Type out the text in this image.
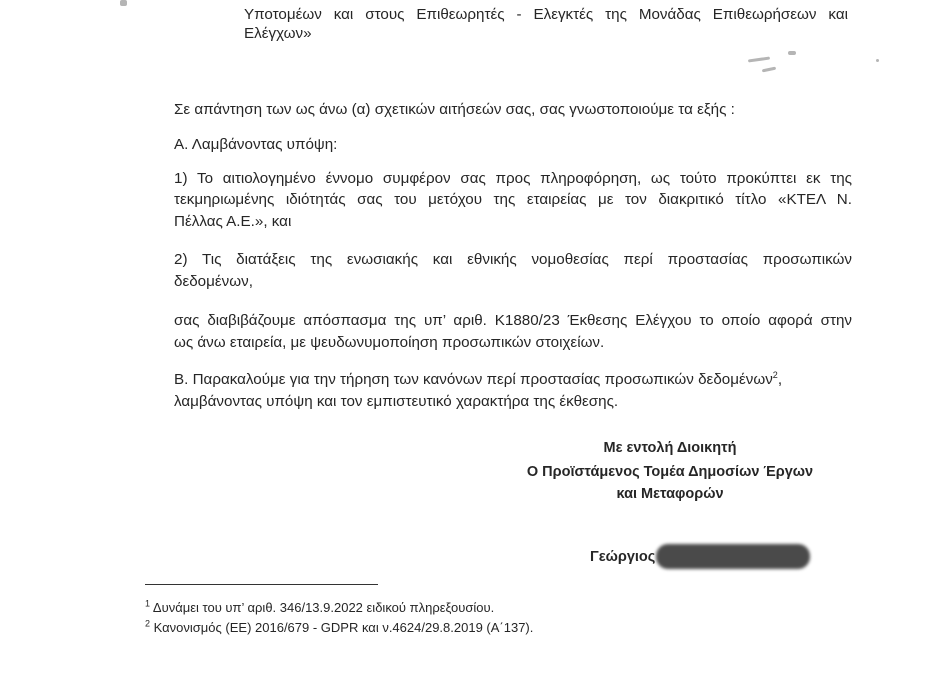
Υποτομέων και στους Επιθεωρητές - Ελεγκτές της Μονάδας Επιθεωρήσεων και
Ελέγχων»
Σε απάντηση των ως άνω (α) σχετικών αιτήσεών σας, σας γνωστοποιούμε τα εξής :
Α. Λαμβάνοντας υπόψη:
1) Το αιτιολογημένο έννομο συμφέρον σας προς πληροφόρηση, ως τούτο προκύπτει εκ της
τεκμηριωμένης ιδιότητάς σας του μετόχου της εταιρείας με τον διακριτικό τίτλο «ΚΤΕΛ Ν.
Πέλλας Α.Ε.», και
2) Τις διατάξεις της ενωσιακής και εθνικής νομοθεσίας περί προστασίας προσωπικών
δεδομένων,
σας διαβιβάζουμε απόσπασμα της υπ’ αριθ. Κ1880/23 Έκθεσης Ελέγχου το οποίο αφορά στην
ως άνω εταιρεία, με ψευδωνυμοποίηση προσωπικών στοιχείων.
Β. Παρακαλούμε για την τήρηση των κανόνων περί προστασίας προσωπικών δεδομένων$^2$,
λαμβάνοντας υπόψη και τον εμπιστευτικό χαρακτήρα της έκθεσης.
Με εντολή Διοικητή
Ο Προϊστάμενος Τομέα Δημοσίων Έργων
και Μεταφορών
Γεώργιος
$^1$ Δυνάμει του υπ’ αριθ. 346/13.9.2022 ειδικού πληρεξουσίου.
$^2$ Κανονισμός (ΕΕ) 2016/679 - GDPR και ν.4624/29.8.2019 (Α΄137).
